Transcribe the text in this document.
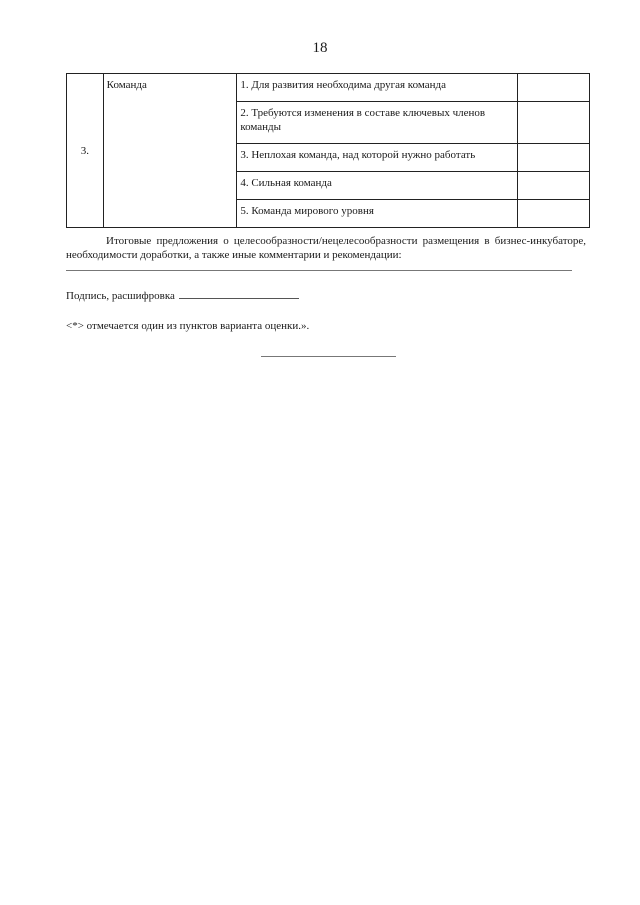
18
3.	Команда	1. Для развития необходима другая команда	
		2. Требуются изменения в составе ключевых членов команды	
		3. Неплохая команда, над которой нужно работать	
		4. Сильная команда	
		5. Команда мирового уровня	
Итоговые предложения о целесообразности/нецелесообразности размещения в бизнес-инкубаторе, необходимости доработки, а также иные комментарии и рекомендации:
Подпись, расшифровка
<*> отмечается один из пунктов варианта оценки.».
